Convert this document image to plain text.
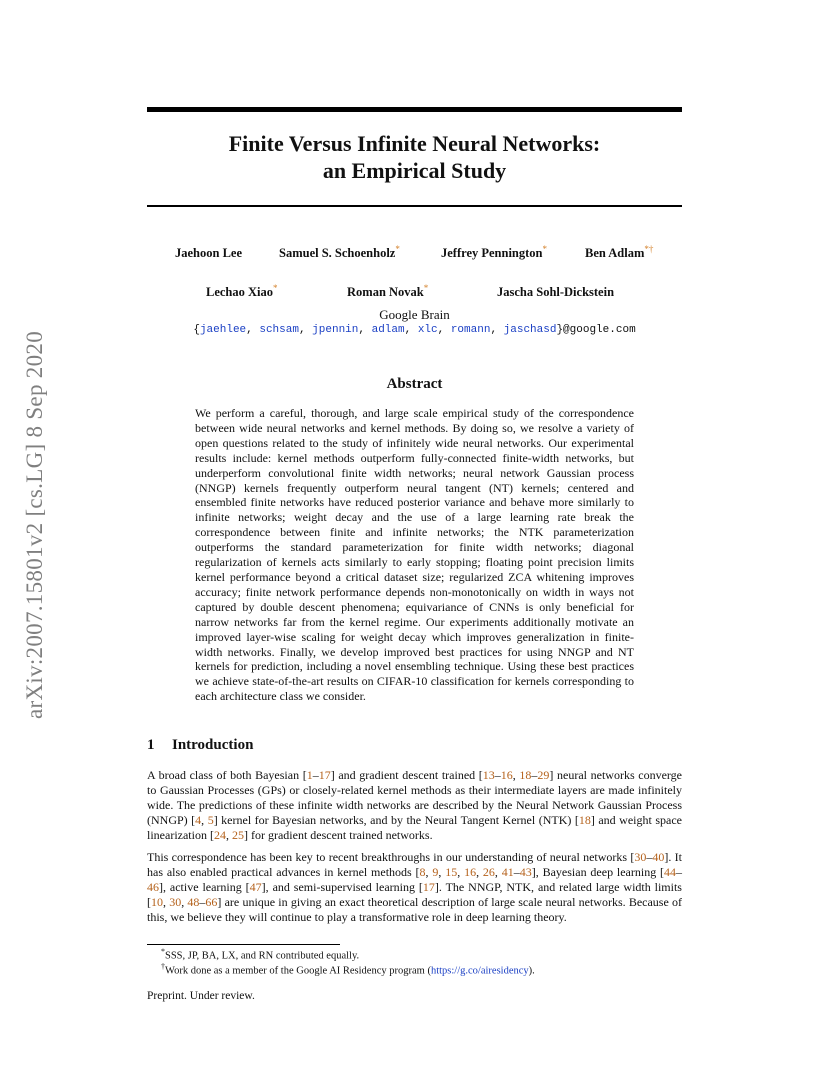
Finite Versus Infinite Neural Networks:
an Empirical Study
arXiv:2007.15801v2 [cs.LG] 8 Sep 2020
Jaehoon Lee	Samuel S. Schoenholz*	Jeffrey Pennington*	Ben Adlam*†
Lechao Xiao*	Roman Novak*	Jascha Sohl-Dickstein
Google Brain
{jaehlee, schsam, jpennin, adlam, xlc, romann, jaschasd}@google.com
Abstract

We perform a careful, thorough, and large scale empirical study of the correspondence between wide neural networks and kernel methods. By doing so, we resolve a variety of open questions related to the study of infinitely wide neural networks. Our experimental results include: kernel methods outperform fully-connected finite-width networks, but underperform convolutional finite width networks; neural network Gaussian process (NNGP) kernels frequently outperform neural tangent (NT) kernels; centered and ensembled finite networks have reduced posterior variance and behave more similarly to infinite networks; weight decay and the use of a large learning rate break the correspondence between finite and infinite networks; the NTK parameterization outperforms the standard parameterization for finite width networks; diagonal regularization of kernels acts similarly to early stopping; floating point precision limits kernel performance beyond a critical dataset size; regularized ZCA whitening improves accuracy; finite network performance depends non-monotonically on width in ways not captured by double descent phenomena; equivariance of CNNs is only beneficial for narrow networks far from the kernel regime. Our experiments additionally motivate an improved layer-wise scaling for weight decay which improves generalization in finite-width networks. Finally, we develop improved best practices for using NNGP and NT kernels for prediction, including a novel ensembling technique. Using these best practices we achieve state-of-the-art results on CIFAR-10 classification for kernels corresponding to each architecture class we consider.

1 Introduction

A broad class of both Bayesian [1–17] and gradient descent trained [13–16, 18–29] neural networks converge to Gaussian Processes (GPs) or closely-related kernel methods as their intermediate layers are made infinitely wide. The predictions of these infinite width networks are described by the Neural Network Gaussian Process (NNGP) [4, 5] kernel for Bayesian networks, and by the Neural Tangent Kernel (NTK) [18] and weight space linearization [24, 25] for gradient descent trained networks.

This correspondence has been key to recent breakthroughs in our understanding of neural networks [30–40]. It has also enabled practical advances in kernel methods [8, 9, 15, 16, 26, 41–43], Bayesian deep learning [44–46], active learning [47], and semi-supervised learning [17]. The NNGP, NTK, and related large width limits [10, 30, 48–66] are unique in giving an exact theoretical description of large scale neural networks. Because of this, we believe they will continue to play a transformative role in deep learning theory.

*SSS, JP, BA, LX, and RN contributed equally.
†Work done as a member of the Google AI Residency program (https://g.co/airesidency).
Preprint. Under review.
